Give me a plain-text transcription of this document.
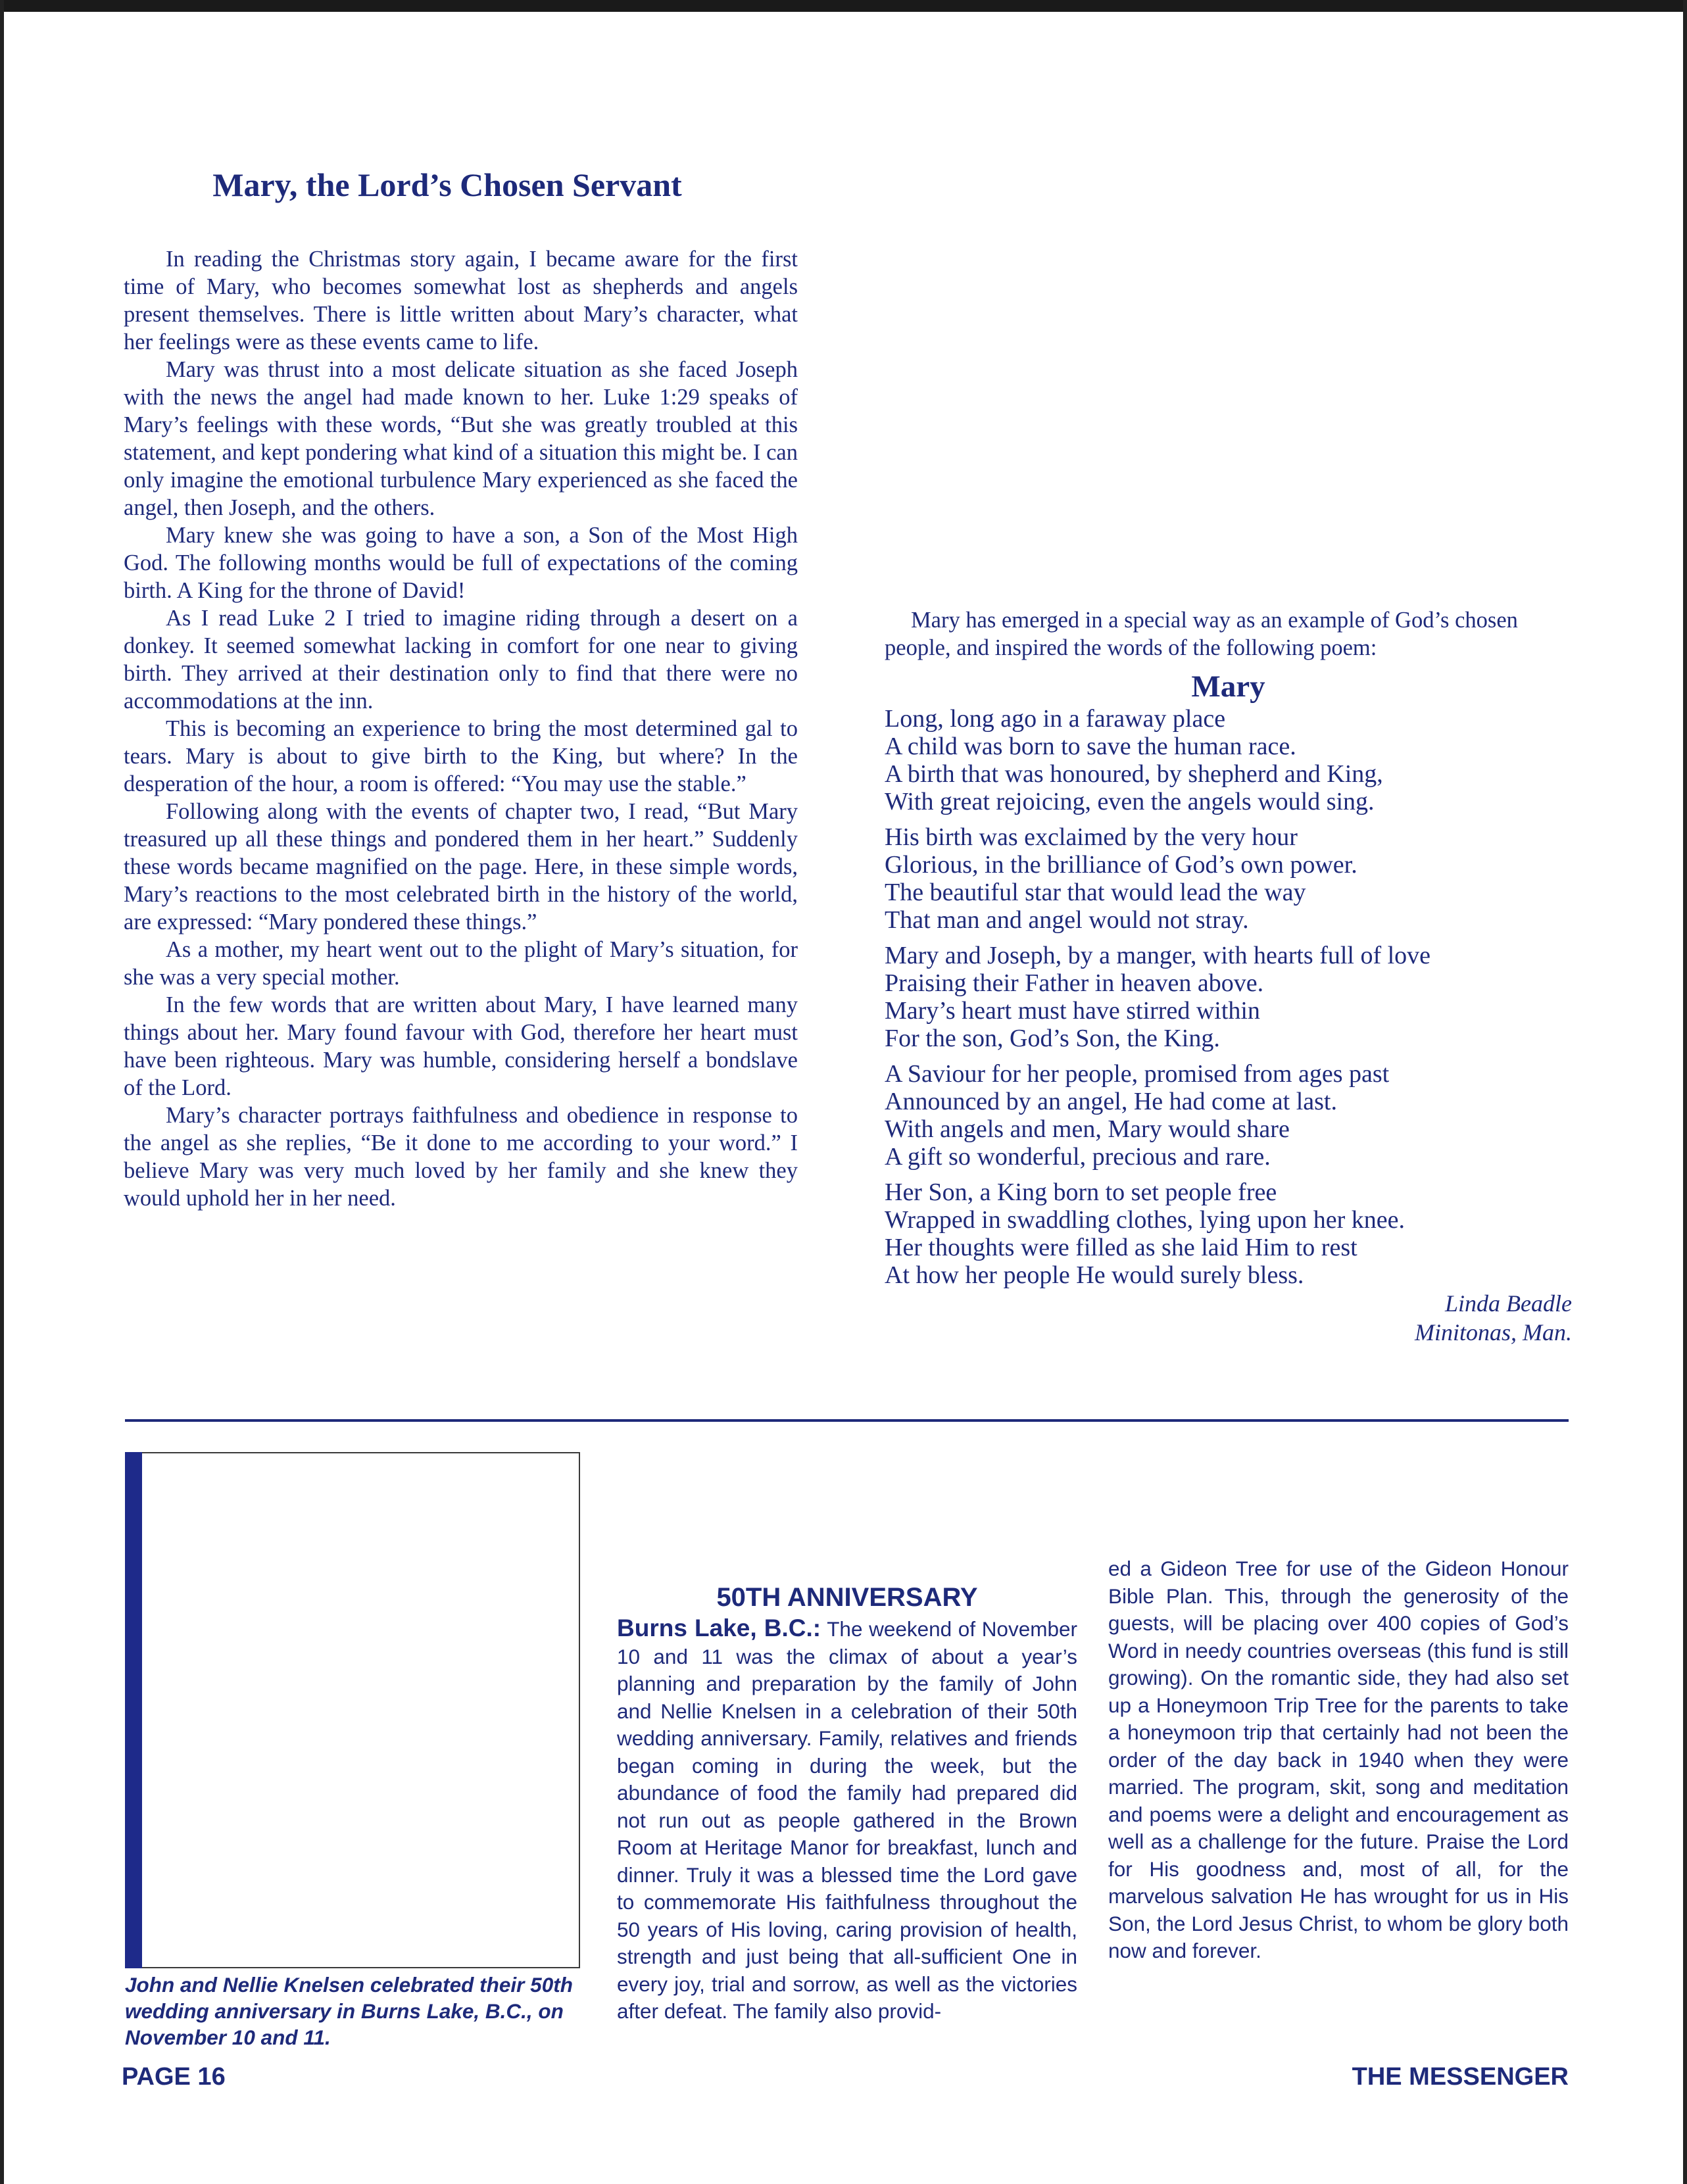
Mary, the Lord’s Chosen Servant

In reading the Christmas story again, I became aware for the first time of Mary, who becomes somewhat lost as shepherds and angels present themselves. There is little written about Mary’s character, what her feelings were as these events came to life.

Mary was thrust into a most delicate situation as she faced Joseph with the news the angel had made known to her. Luke 1:29 speaks of Mary’s feelings with these words, “But she was greatly troubled at this statement, and kept pondering what kind of a situation this might be. I can only imagine the emotional turbulence Mary experienced as she faced the angel, then Joseph, and the others.

Mary knew she was going to have a son, a Son of the Most High God. The following months would be full of expectations of the coming birth. A King for the throne of David!

As I read Luke 2 I tried to imagine riding through a desert on a donkey. It seemed somewhat lacking in comfort for one near to giving birth. They arrived at their destination only to find that there were no accommodations at the inn.

This is becoming an experience to bring the most determined gal to tears. Mary is about to give birth to the King, but where? In the desperation of the hour, a room is offered: “You may use the stable.”

Following along with the events of chapter two, I read, “But Mary treasured up all these things and pondered them in her heart.” Suddenly these words became magnified on the page. Here, in these simple words, Mary’s reactions to the most celebrated birth in the history of the world, are expressed: “Mary pondered these things.”

As a mother, my heart went out to the plight of Mary’s situation, for she was a very special mother.

In the few words that are written about Mary, I have learned many things about her. Mary found favour with God, therefore her heart must have been righteous. Mary was humble, considering herself a bondslave of the Lord.

Mary’s character portrays faithfulness and obedience in response to the angel as she replies, “Be it done to me according to your word.” I believe Mary was very much loved by her family and she knew they would uphold her in her need.

Mary has emerged in a special way as an example of God’s chosen people, and inspired the words of the following poem:

Mary
Long, long ago in a faraway place
A child was born to save the human race.
A birth that was honoured, by shepherd and King,
With great rejoicing, even the angels would sing.
His birth was exclaimed by the very hour
Glorious, in the brilliance of God’s own power.
The beautiful star that would lead the way
That man and angel would not stray.
Mary and Joseph, by a manger, with hearts full of love
Praising their Father in heaven above.
Mary’s heart must have stirred within
For the son, God’s Son, the King.
A Saviour for her people, promised from ages past
Announced by an angel, He had come at last.
With angels and men, Mary would share
A gift so wonderful, precious and rare.
Her Son, a King born to set people free
Wrapped in swaddling clothes, lying upon her knee.
Her thoughts were filled as she laid Him to rest
At how her people He would surely bless.
Linda Beadle
Minitonas, Man.
John and Nellie Knelsen celebrated their 50th wedding anniversary in Burns Lake, B.C., on November 10 and 11.
50TH ANNIVERSARY
Burns Lake, B.C.: The weekend of November 10 and 11 was the climax of about a year’s planning and preparation by the family of John and Nellie Knelsen in a celebration of their 50th wedding anniversary. Family, relatives and friends began coming in during the week, but the abundance of food the family had prepared did not run out as people gathered in the Brown Room at Heritage Manor for breakfast, lunch and dinner. Truly it was a blessed time the Lord gave to commemorate His faithfulness throughout the 50 years of His loving, caring provision of health, strength and just being that all-sufficient One in every joy, trial and sorrow, as well as the victories after defeat. The family also provid-
ed a Gideon Tree for use of the Gideon Honour Bible Plan. This, through the generosity of the guests, will be placing over 400 copies of God’s Word in needy countries overseas (this fund is still growing). On the romantic side, they had also set up a Honeymoon Trip Tree for the parents to take a honeymoon trip that certainly had not been the order of the day back in 1940 when they were married. The program, skit, song and meditation and poems were a delight and encouragement as well as a challenge for the future. Praise the Lord for His goodness and, most of all, for the marvelous salvation He has wrought for us in His Son, the Lord Jesus Christ, to whom be glory both now and forever.
PAGE 16	THE MESSENGER
